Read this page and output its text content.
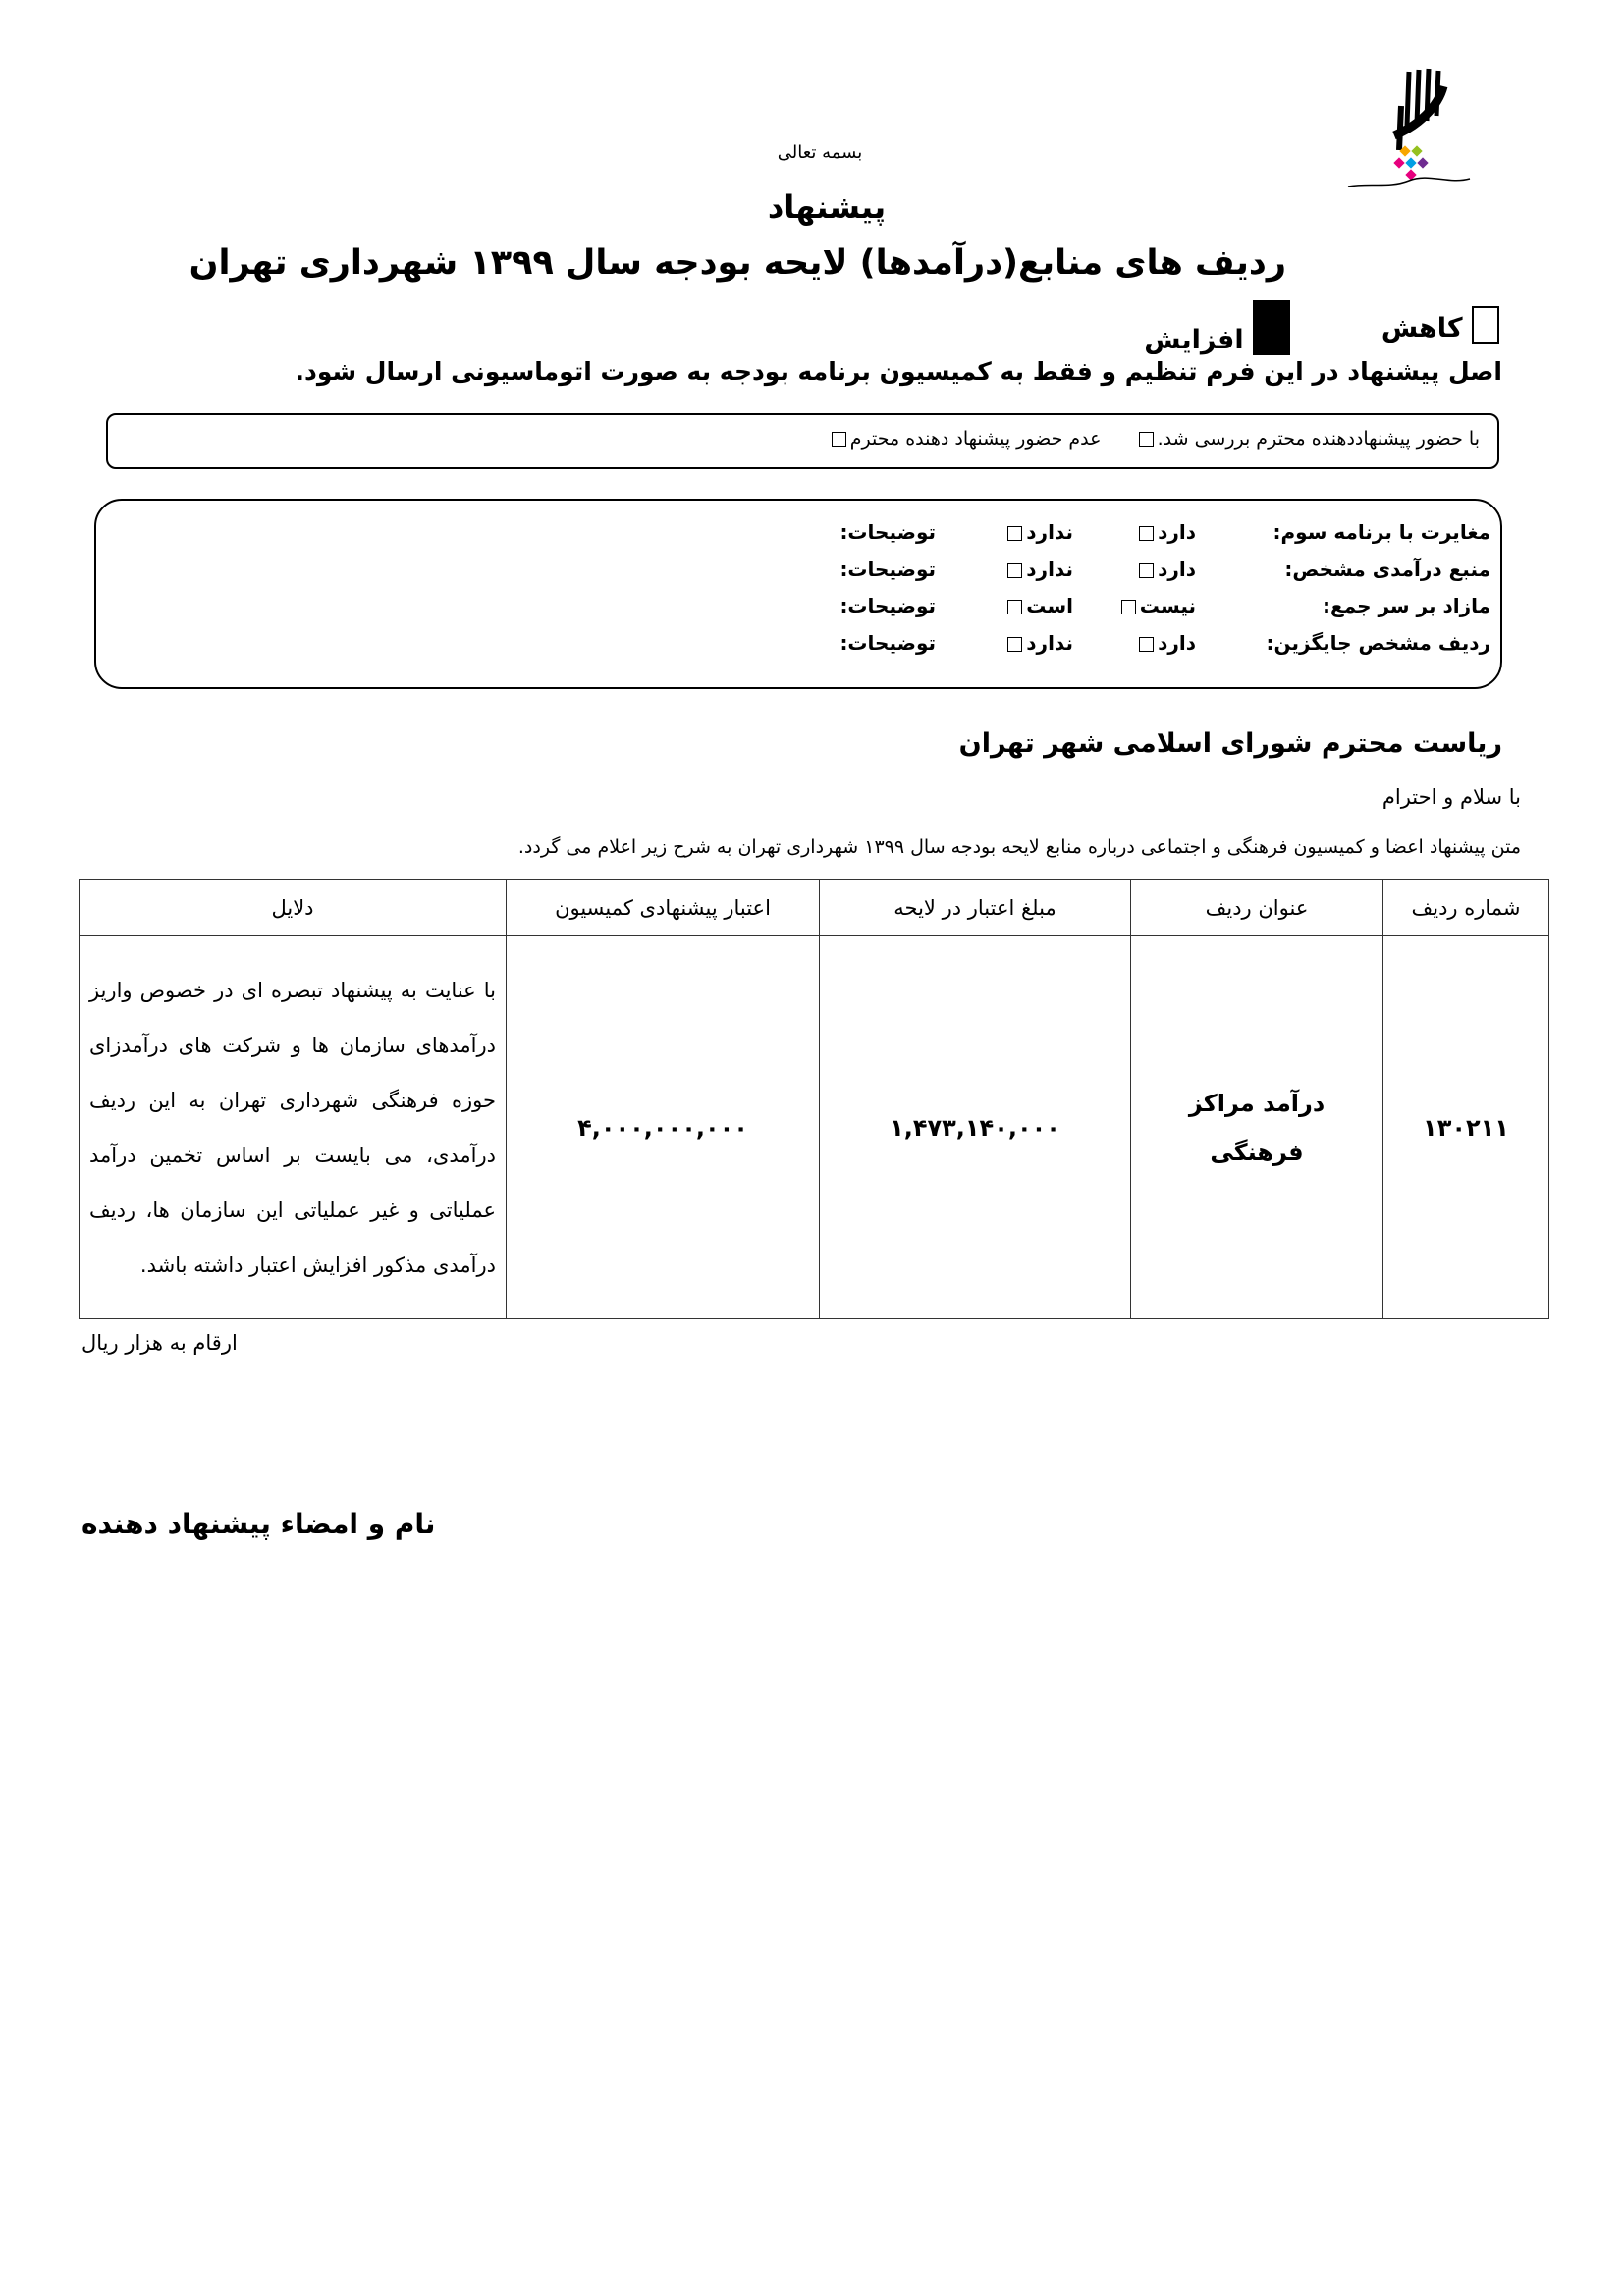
بسمه تعالی
پیشنهاد
ردیف های منابع(درآمدها) لایحه بودجه سال ۱۳۹۹ شهرداری تهران
کاهش
افزایش
اصل پیشنهاد در این فرم تنظیم و فقط به کمیسیون برنامه بودجه به صورت اتوماسیونی ارسال شود.
با حضور پیشنهاددهنده محترم بررسی شد.  عدم حضور پیشنهاد دهنده محترم
مغایرت با برنامه سوم:
دارد
ندارد
توضیحات:
منبع درآمدی مشخص:
دارد
ندارد
توضیحات:
مازاد بر سر جمع:
نیست
است
توضیحات:
ردیف مشخص جایگزین:
دارد
ندارد
توضیحات:
ریاست محترم شورای اسلامی شهر تهران
با سلام و احترام
متن پیشنهاد اعضا و کمیسیون فرهنگی و اجتماعی درباره منابع لایحه بودجه سال ۱۳۹۹ شهرداری تهران به شرح زیر اعلام می گردد.
شماره ردیف	عنوان ردیف	مبلغ اعتبار در لایحه	اعتبار پیشنهادی کمیسیون	دلایل
۱۳۰۲۱۱	درآمد مراکز فرهنگی	۱,۴۷۳,۱۴۰,۰۰۰	۴,۰۰۰,۰۰۰,۰۰۰	با عنایت به پیشنهاد تبصره ای در خصوص واریز درآمدهای سازمان ها و شرکت های درآمدزای حوزه فرهنگی شهرداری تهران به این ردیف درآمدی، می بایست بر اساس تخمین درآمد عملیاتی و غیر عملیاتی این سازمان ها، ردیف درآمدی مذکور افزایش اعتبار داشته باشد.
ارقام به هزار ریال
نام و امضاء پیشنهاد دهنده
